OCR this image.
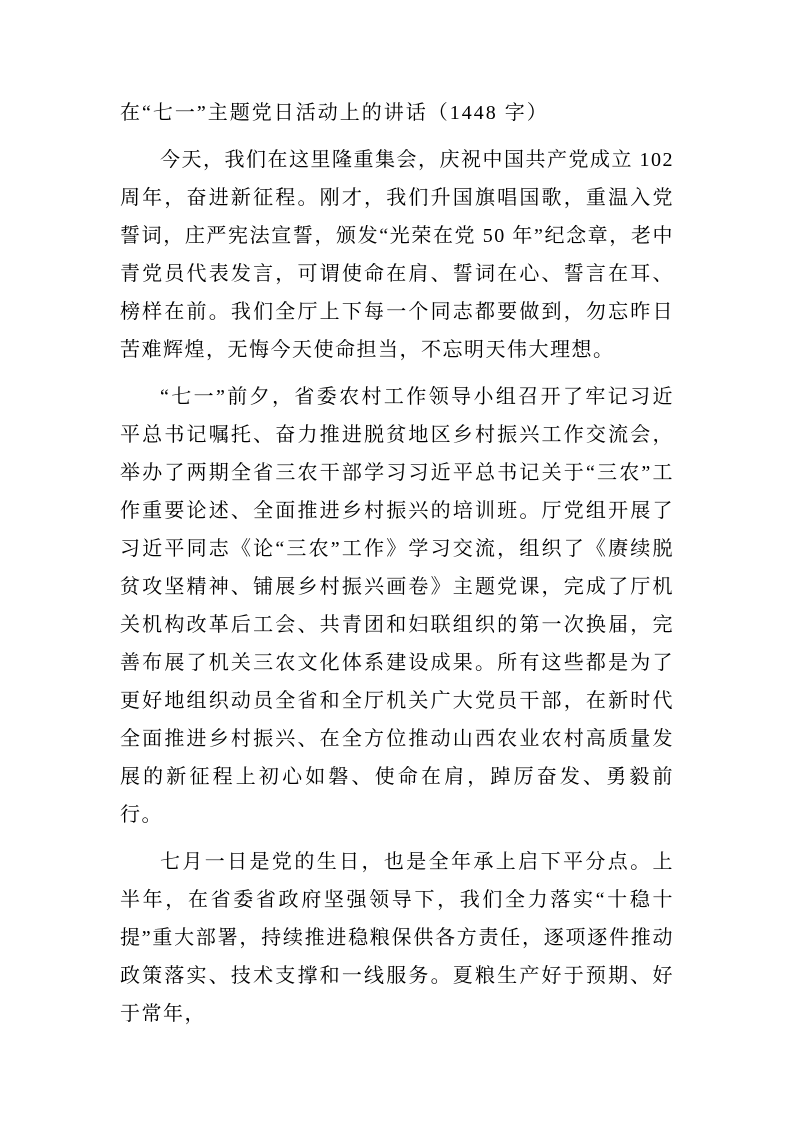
在“七一”主题党日活动上的讲话（1448 字）

今天，我们在这里隆重集会，庆祝中国共产党成立 102 周年，奋进新征程。刚才，我们升国旗唱国歌，重温入党誓词，庄严宪法宣誓，颁发“光荣在党 50 年”纪念章，老中青党员代表发言，可谓使命在肩、誓词在心、誓言在耳、榜样在前。我们全厅上下每一个同志都要做到，勿忘昨日苦难辉煌，无悔今天使命担当，不忘明天伟大理想。

“七一”前夕，省委农村工作领导小组召开了牢记习近平总书记嘱托、奋力推进脱贫地区乡村振兴工作交流会，举办了两期全省三农干部学习习近平总书记关于“三农”工作重要论述、全面推进乡村振兴的培训班。厅党组开展了习近平同志《论“三农”工作》学习交流，组织了《赓续脱贫攻坚精神、铺展乡村振兴画卷》主题党课，完成了厅机关机构改革后工会、共青团和妇联组织的第一次换届，完善布展了机关三农文化体系建设成果。所有这些都是为了更好地组织动员全省和全厅机关广大党员干部，在新时代全面推进乡村振兴、在全方位推动山西农业农村高质量发展的新征程上初心如磐、使命在肩，踔厉奋发、勇毅前行。

七月一日是党的生日，也是全年承上启下平分点。上半年，在省委省政府坚强领导下，我们全力落实“十稳十提”重大部署，持续推进稳粮保供各方责任，逐项逐件推动政策落实、技术支撑和一线服务。夏粮生产好于预期、好于常年，
